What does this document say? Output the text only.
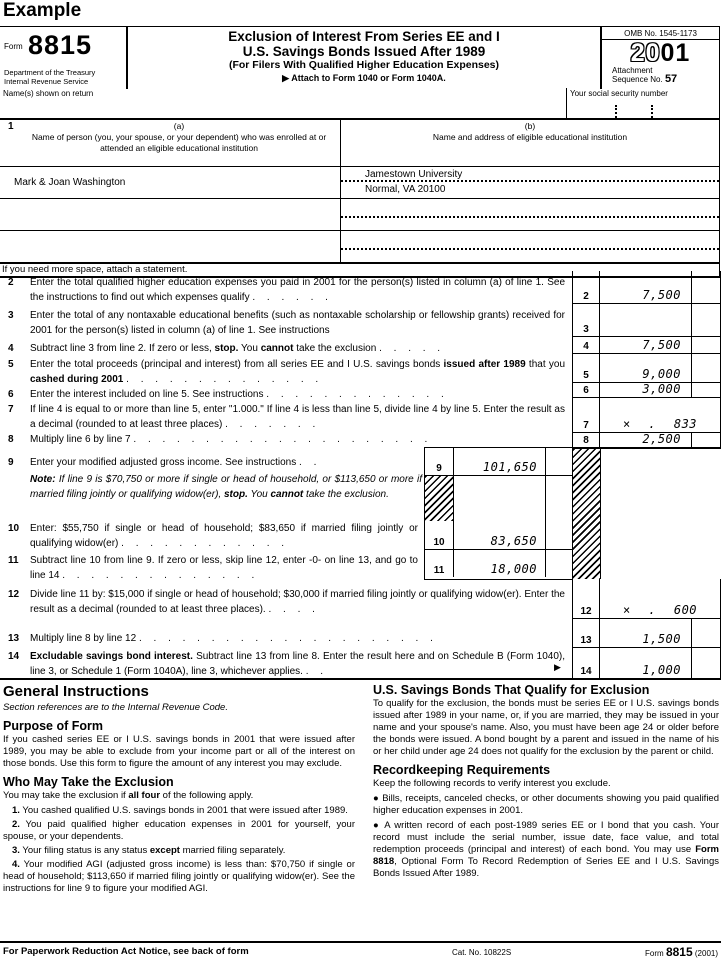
Example
Form 8815
Department of the Treasury
Internal Revenue Service
Exclusion of Interest From Series EE and I
U.S. Savings Bonds Issued After 1989
(For Filers With Qualified Higher Education Expenses)
▶ Attach to Form 1040 or Form 1040A.
OMB No. 1545-1173
2001
Attachment
Sequence No. 57
Name(s) shown on return	Your social security number
1	(a)
Name of person (you, your spouse, or your dependent) who was enrolled at or attended an eligible educational institution
(b)
Name and address of eligible educational institution
Mark & Joan Washington
Jamestown University
Normal, VA 20100
If you need more space, attach a statement.
2 Enter the total qualified higher education expenses you paid in 2001 for the person(s) listed in column (a) of line 1. See the instructions to find out which expenses qualify . . . . . .
3 Enter the total of any nontaxable educational benefits (such as nontaxable scholarship or fellowship grants) received for 2001 for the person(s) listed in column (a) of line 1. See instructions
4 Subtract line 3 from line 2. If zero or less, stop. You cannot take the exclusion . . . . .
5 Enter the total proceeds (principal and interest) from all series EE and I U.S. savings bonds issued after 1989 that you cashed during 2001 . . . . . . . . . . . . . .
6 Enter the interest included on line 5. See instructions . . . . . . . . . . . . .
7 If line 4 is equal to or more than line 5, enter "1.000." If line 4 is less than line 5, divide line 4 by line 5. Enter the result as a decimal (rounded to at least three places) . . . . . . .
8 Multiply line 6 by line 7 . . . . . . . . . . . . . . . . . . . . .
9 Enter your modified adjusted gross income. See instructions . .
Note: If line 9 is $70,750 or more if single or head of household, or $113,650 or more if married filing jointly or qualifying widow(er), stop. You cannot take the exclusion.
10 Enter: $55,750 if single or head of household; $83,650 if married filing jointly or qualifying widow(er) . . . . . . . . . . . .
11 Subtract line 10 from line 9. If zero or less, skip line 12, enter -0- on line 13, and go to line 14 . . . . . . . . . . . . . .
12 Divide line 11 by: $15,000 if single or head of household; $30,000 if married filing jointly or qualifying widow(er). Enter the result as a decimal (rounded to at least three places). . . . .
13 Multiply line 8 by line 12 . . . . . . . . . . . . . . . . . . . . .
14 Excludable savings bond interest. Subtract line 13 from line 8. Enter the result here and on Schedule B (Form 1040), line 3, or Schedule 1 (Form 1040A), line 3, whichever applies. . .	▶
2	7,500
3
4	7,500
5	9,000
6	3,000
7	× . 833
8	2,500
12	× . 600
13	1,500
14	1,000
9	101,650
10	83,650
11	18,000
General Instructions

Section references are to the Internal Revenue Code.

Purpose of Form

If you cashed series EE or I U.S. savings bonds in 2001 that were issued after 1989, you may be able to exclude from your income part or all of the interest on those bonds. Use this form to figure the amount of any interest you may exclude.

Who May Take the Exclusion

You may take the exclusion if all four of the following apply.

1. You cashed qualified U.S. savings bonds in 2001 that were issued after 1989.

2. You paid qualified higher education expenses in 2001 for yourself, your spouse, or your dependents.

3. Your filing status is any status except married filing separately.

4. Your modified AGI (adjusted gross income) is less than: $70,750 if single or head of household; $113,650 if married filing jointly or qualifying widow(er). See the instructions for line 9 to figure your modified AGI.

U.S. Savings Bonds That Qualify for Exclusion

To qualify for the exclusion, the bonds must be series EE or I U.S. savings bonds issued after 1989 in your name, or, if you are married, they may be issued in your name and your spouse's name. Also, you must have been age 24 or older before the bonds were issued. A bond bought by a parent and issued in the name of his or her child under age 24 does not qualify for the exclusion by the parent or child.

Recordkeeping Requirements

Keep the following records to verify interest you exclude.

● Bills, receipts, canceled checks, or other documents showing you paid qualified higher education expenses in 2001.

● A written record of each post-1989 series EE or I bond that you cash. Your record must include the serial number, issue date, face value, and total redemption proceeds (principal and interest) of each bond. You may use Form 8818, Optional Form To Record Redemption of Series EE and I U.S. Savings Bonds Issued After 1989.

For Paperwork Reduction Act Notice, see back of form	Cat. No. 10822S	Form 8815 (2001)
